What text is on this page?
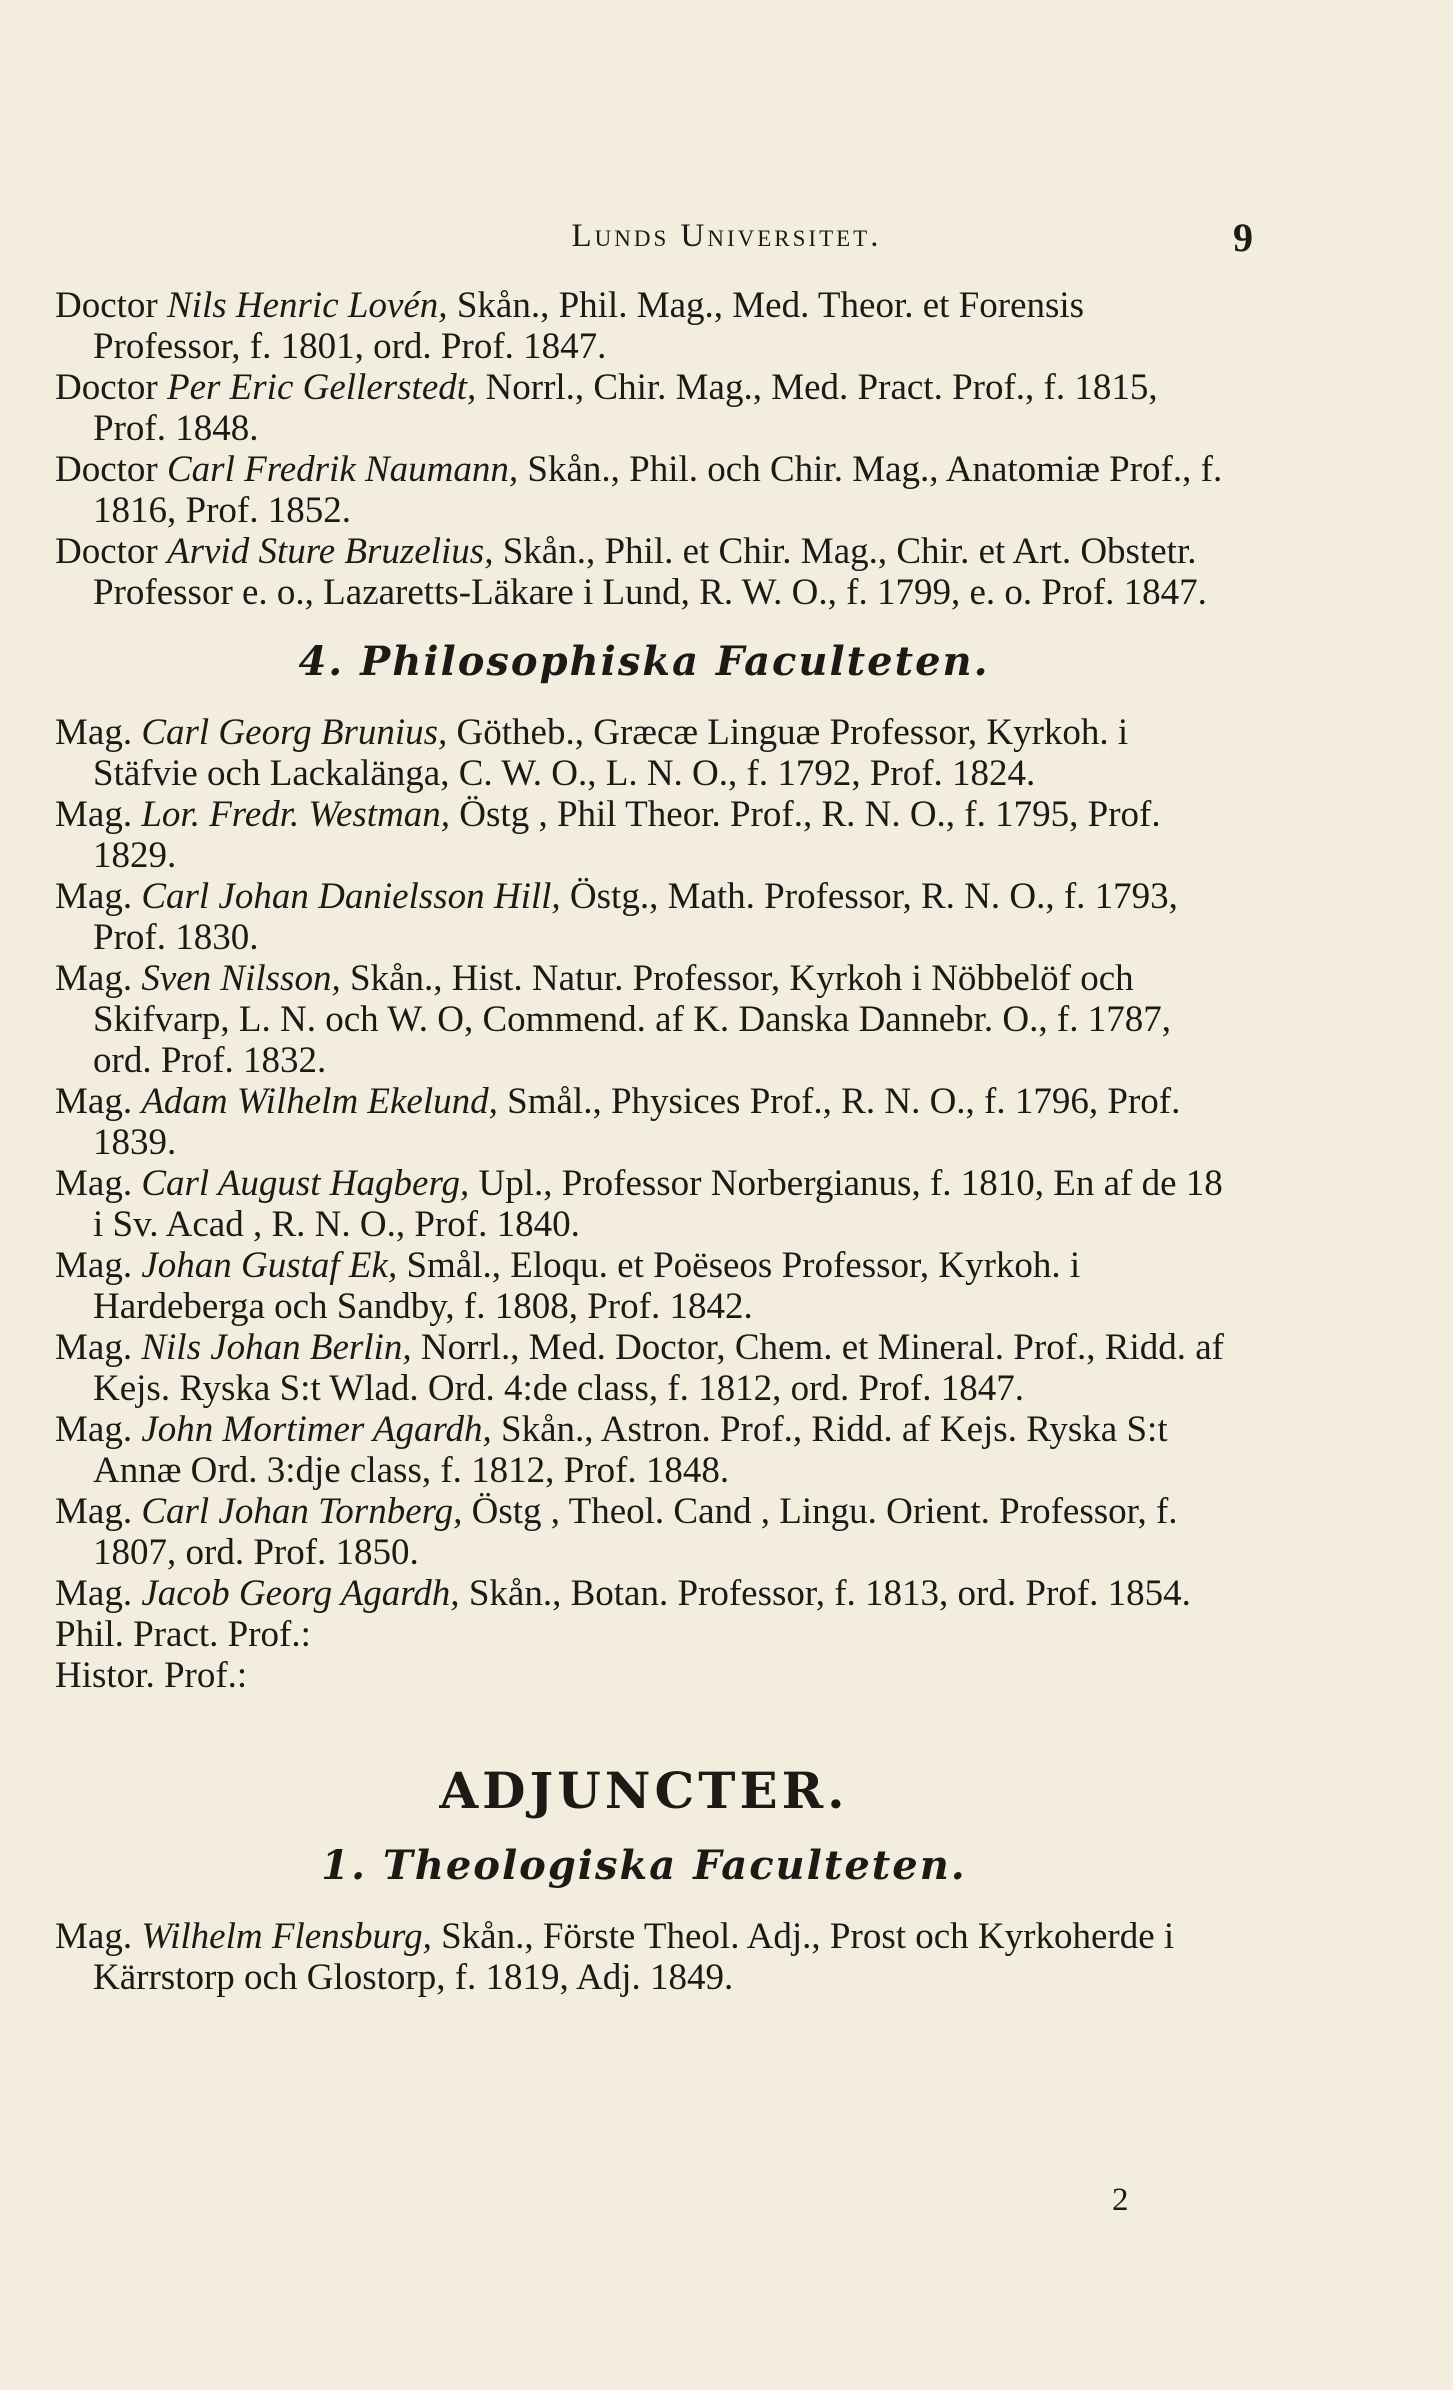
Lunds Universitet.	9

Doctor Nils Henric Lovén, Skån., Phil. Mag., Med. Theor. et Forensis Professor, f. 1801, ord. Prof. 1847.

Doctor Per Eric Gellerstedt, Norrl., Chir. Mag., Med. Pract. Prof., f. 1815, Prof. 1848.

Doctor Carl Fredrik Naumann, Skån., Phil. och Chir. Mag., Anatomiæ Prof., f. 1816, Prof. 1852.

Doctor Arvid Sture Bruzelius, Skån., Phil. et Chir. Mag., Chir. et Art. Obstetr. Professor e. o., Lazaretts-Läkare i Lund, R. W. O., f. 1799, e. o. Prof. 1847.

4. Philosophiska Faculteten.

Mag. Carl Georg Brunius, Götheb., Græcæ Linguæ Professor, Kyrkoh. i Stäfvie och Lackalänga, C. W. O., L. N. O., f. 1792, Prof. 1824.

Mag. Lor. Fredr. Westman, Östg , Phil Theor. Prof., R. N. O., f. 1795, Prof. 1829.

Mag. Carl Johan Danielsson Hill, Östg., Math. Professor, R. N. O., f. 1793, Prof. 1830.

Mag. Sven Nilsson, Skån., Hist. Natur. Professor, Kyrkoh i Nöbbelöf och Skifvarp, L. N. och W. O, Commend. af K. Danska Dannebr. O., f. 1787, ord. Prof. 1832.

Mag. Adam Wilhelm Ekelund, Smål., Physices Prof., R. N. O., f. 1796, Prof. 1839.

Mag. Carl August Hagberg, Upl., Professor Norbergianus, f. 1810, En af de 18 i Sv. Acad , R. N. O., Prof. 1840.

Mag. Johan Gustaf Ek, Smål., Eloqu. et Poëseos Professor, Kyrkoh. i Hardeberga och Sandby, f. 1808, Prof. 1842.

Mag. Nils Johan Berlin, Norrl., Med. Doctor, Chem. et Mineral. Prof., Ridd. af Kejs. Ryska S:t Wlad. Ord. 4:de class, f. 1812, ord. Prof. 1847.

Mag. John Mortimer Agardh, Skån., Astron. Prof., Ridd. af Kejs. Ryska S:t Annæ Ord. 3:dje class, f. 1812, Prof. 1848.

Mag. Carl Johan Tornberg, Östg , Theol. Cand , Lingu. Orient. Professor, f. 1807, ord. Prof. 1850.

Mag. Jacob Georg Agardh, Skån., Botan. Professor, f. 1813, ord. Prof. 1854.

Phil. Pract. Prof.:

Histor. Prof.:

ADJUNCTER.
1. Theologiska Faculteten.

Mag. Wilhelm Flensburg, Skån., Förste Theol. Adj., Prost och Kyrkoherde i Kärrstorp och Glostorp, f. 1819, Adj. 1849.

2
